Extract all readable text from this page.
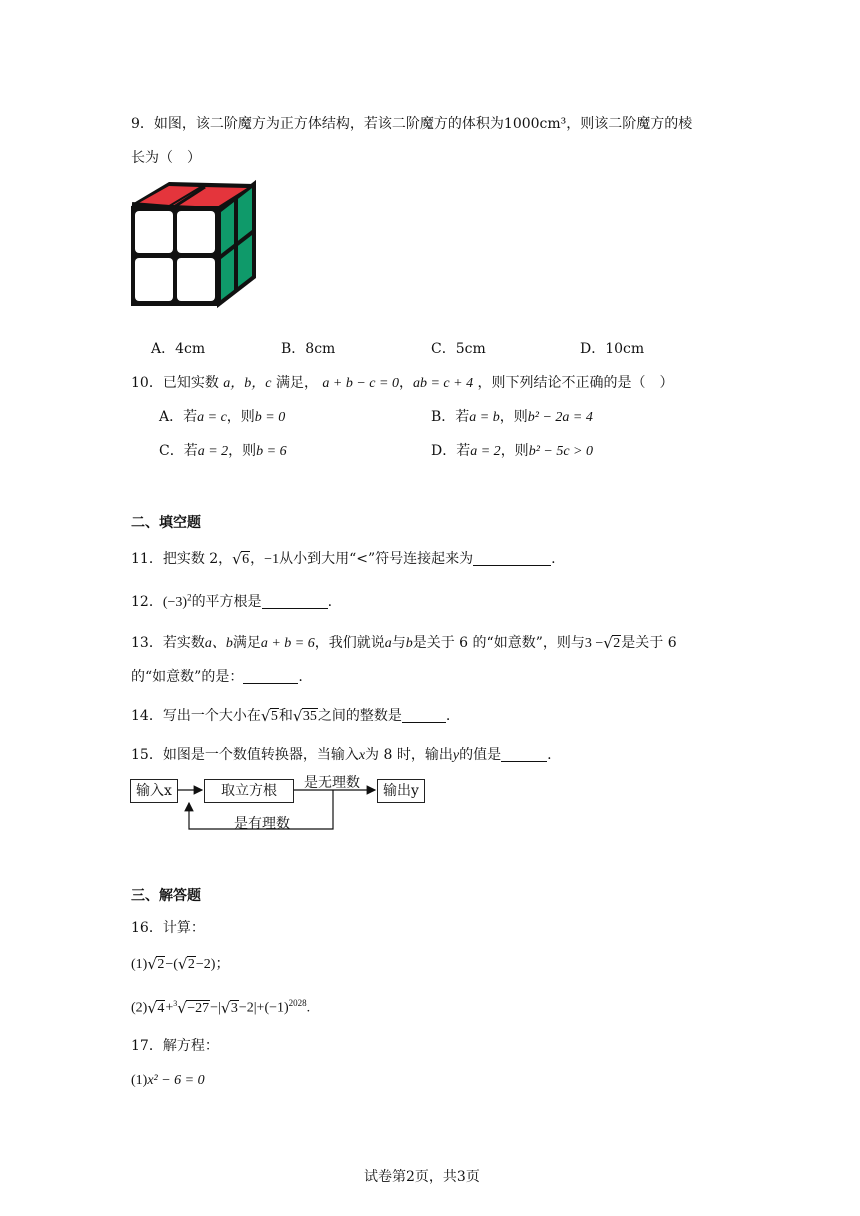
9．如图，该二阶魔方为正方体结构，若该二阶魔方的体积为1000cm³，则该二阶魔方的棱
长为（　）
A．4cm	B．8cm	C．5cm	D．10cm
10．已知实数 a，b，c 满足， a + b − c = 0，ab = c + 4 ，则下列结论不正确的是（　）
A．若a = c，则b = 0	B．若a = b，则b² − 2a = 4
C．若a = 2，则b = 6	D．若a = 2，则b² − 5c > 0
二、填空题
11．把实数 2， √ 6，−1从小到大用“<”符号连接起来为	.
12．$(-3)^2$的平方根是	.
13．若实数a、b满足a + b = 6，我们就说a与b是关于 6 的“如意数”，则与3 − √ 2是关于 6
的“如意数”的是：	.
14．写出一个大小在 √ 5和 √ 35之间的整数是	.
15．如图是一个数值转换器，当输入x为 8 时，输出y的值是	.
输入x	取立方根	是无理数	输出y
是有理数
三、解答题
16．计算：
(1) √ 2−( √ 2−2)；
(2) √ 4+$^3$ √ −27−| √ $3-2|+(-1)^{2028}$.
17．解方程：
(1)x² − 6 = 0
试卷第2页，共3页
